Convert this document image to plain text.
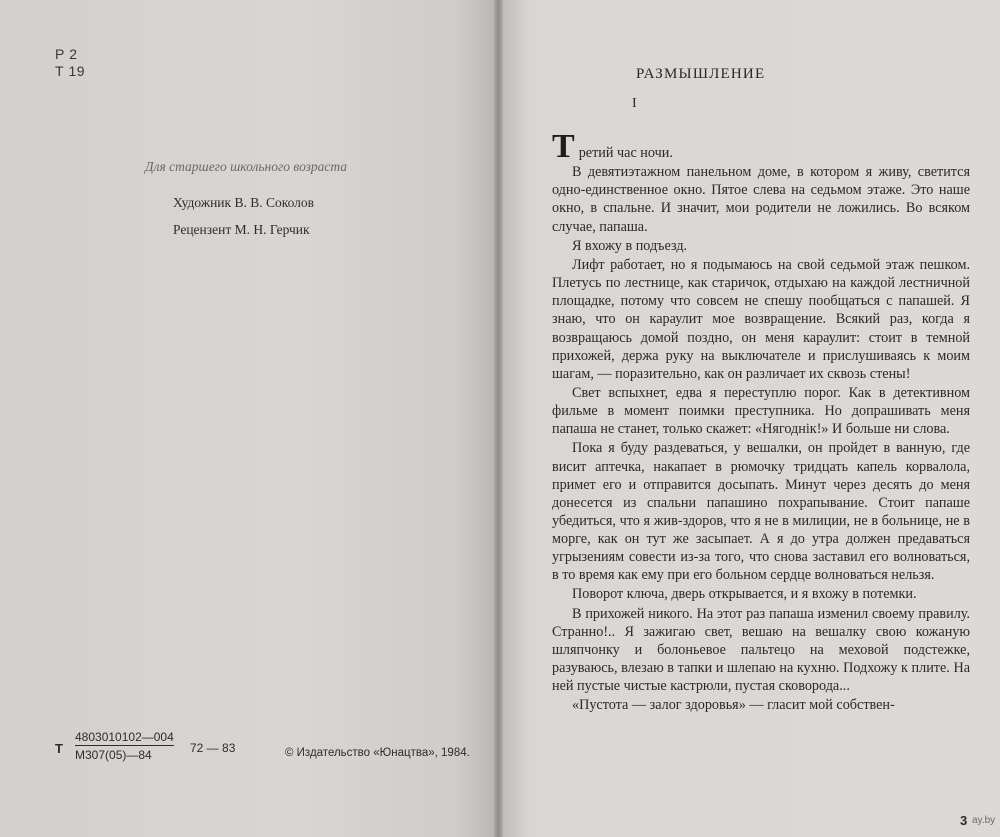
Р 2
Т 19
Для старшего школьного возраста
Художник В. В. Соколов
Рецензент М. Н. Герчик
Т
4803010102—004
М307(05)—84	72 — 83	© Издательство «Юнацтва», 1984.
РАЗМЫШЛЕНИЕ
I

Т ретий час ночи.

В девятиэтажном панельном доме, в котором я живу, светится одно-единственное окно. Пятое слева на седьмом этаже. Это наше окно, в спальне. И значит, мои родители не ложились. Во всяком случае, папаша.

Я вхожу в подъезд.

Лифт работает, но я подымаюсь на свой седьмой этаж пешком. Плетусь по лестнице, как старичок, отдыхаю на каждой лестничной площадке, потому что совсем не спешу пообщаться с папашей. Я знаю, что он караулит мое возвращение. Всякий раз, когда я возвращаюсь домой поздно, он меня караулит: стоит в темной прихожей, держа руку на выключателе и прислушиваясь к моим шагам, — поразительно, как он различает их сквозь стены!

Свет вспыхнет, едва я переступлю порог. Как в детективном фильме в момент поимки преступника. Но допрашивать меня папаша не станет, только скажет: «Нягоднік!» И больше ни слова.

Пока я буду раздеваться, у вешалки, он пройдет в ванную, где висит аптечка, накапает в рюмочку тридцать капель корвалола, примет его и отправится досыпать. Минут через десять до меня донесется из спальни папашино похрапывание. Стоит папаше убедиться, что я жив-здоров, что я не в милиции, не в больнице, не в морге, как он тут же засыпает. А я до утра должен предаваться угрызениям совести из-за того, что снова заставил его волноваться, в то время как ему при его больном сердце волноваться нельзя.

Поворот ключа, дверь открывается, и я вхожу в потемки.

В прихожей никого. На этот раз папаша изменил своему правилу. Странно!.. Я зажигаю свет, вешаю на вешалку свою кожаную шляпчонку и болоньевое пальтецо на меховой подстежке, разуваюсь, влезаю в тапки и шлепаю на кухню. Подхожу к плите. На ней пустые чистые кастрюли, пустая сковорода...

«Пустота — залог здоровья» — гласит мой собствен-

3 ay.by
